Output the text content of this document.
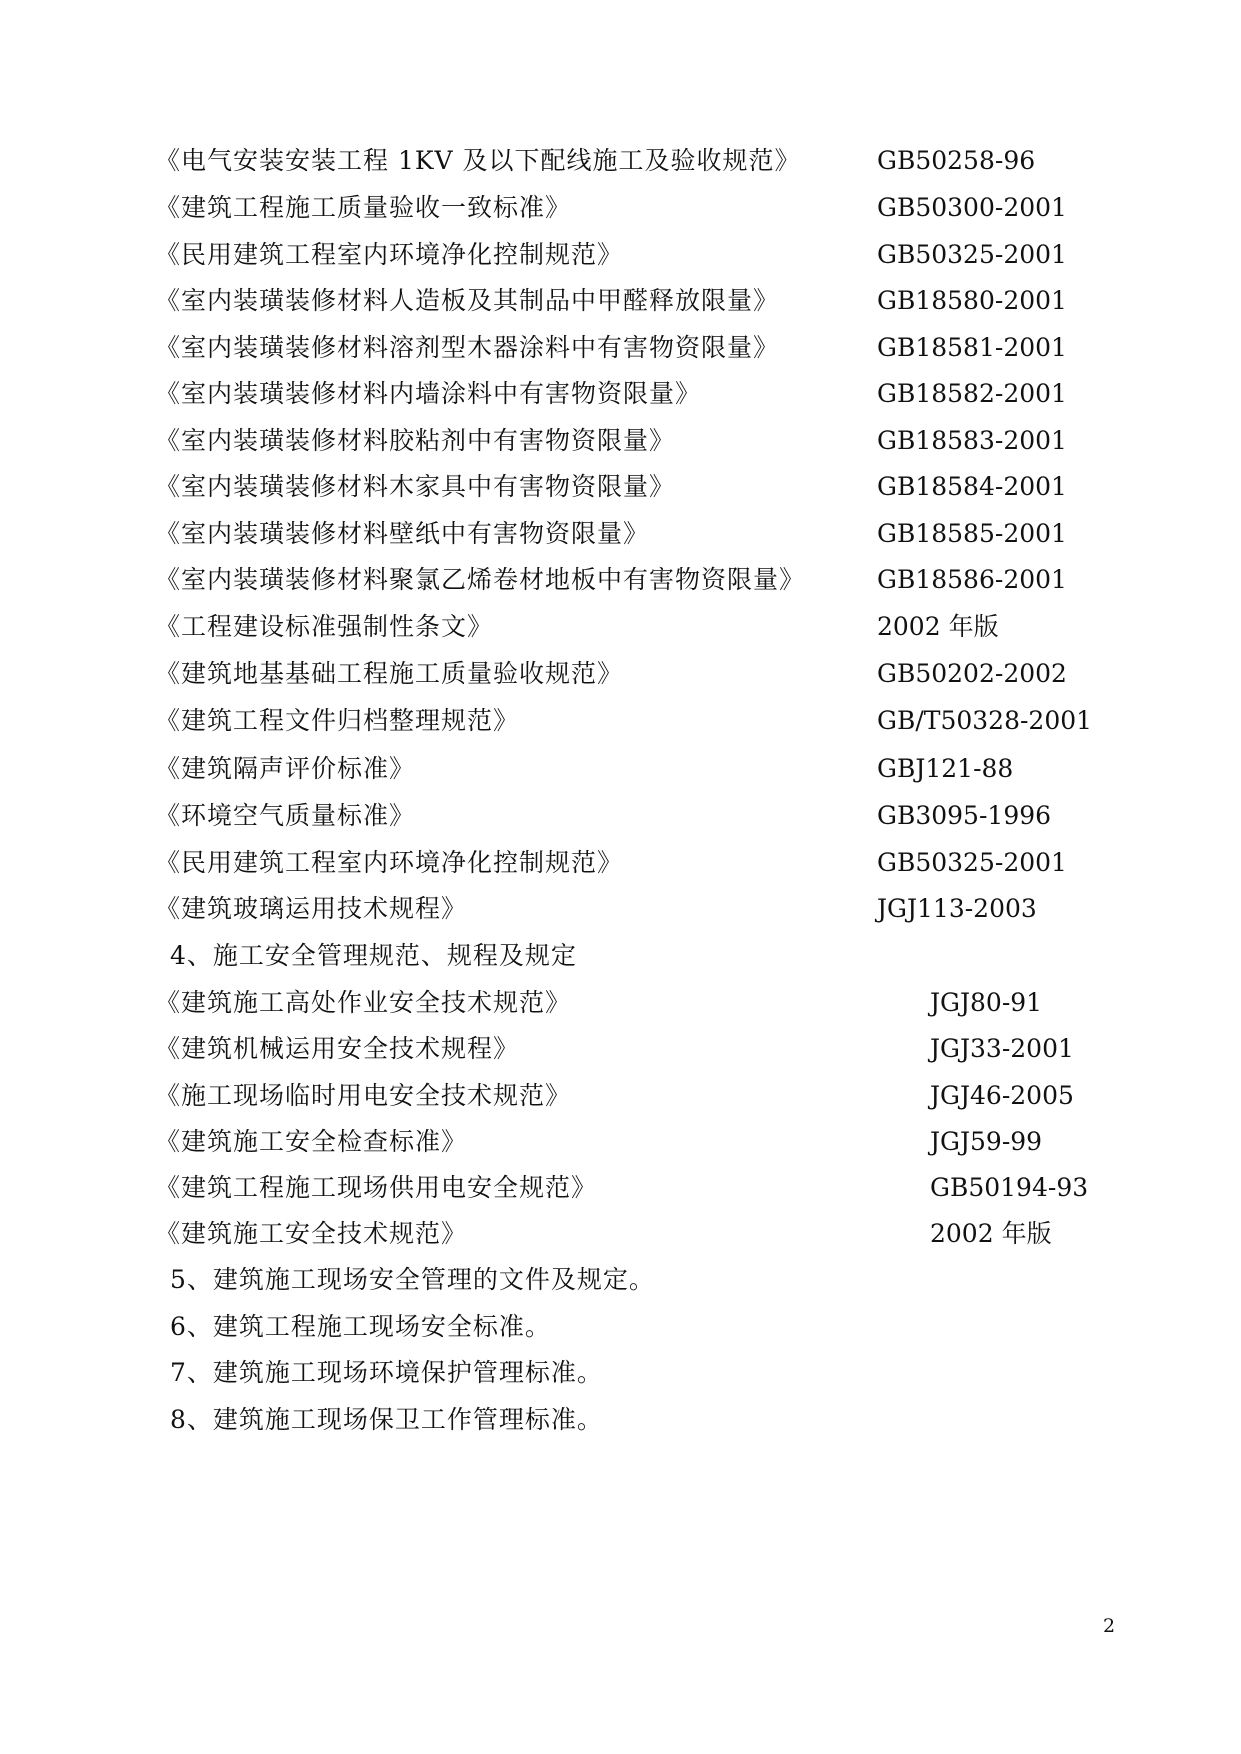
《电气安装安装工程 1KV 及以下配线施工及验收规范》	GB50258-96
《建筑工程施工质量验收一致标准》	GB50300-2001
《民用建筑工程室内环境净化控制规范》	GB50325-2001
《室内装璜装修材料人造板及其制品中甲醛释放限量》	GB18580-2001
《室内装璜装修材料溶剂型木器涂料中有害物资限量》	GB18581-2001
《室内装璜装修材料内墙涂料中有害物资限量》	GB18582-2001
《室内装璜装修材料胶粘剂中有害物资限量》	GB18583-2001
《室内装璜装修材料木家具中有害物资限量》	GB18584-2001
《室内装璜装修材料壁纸中有害物资限量》	GB18585-2001
《室内装璜装修材料聚氯乙烯卷材地板中有害物资限量》	GB18586-2001
《工程建设标准强制性条文》	2002 年版
《建筑地基基础工程施工质量验收规范》	GB50202-2002
《建筑工程文件归档整理规范》	GB/T50328-2001
《建筑隔声评价标准》	GBJ121-88
《环境空气质量标准》	GB3095-1996
《民用建筑工程室内环境净化控制规范》	GB50325-2001
《建筑玻璃运用技术规程》	JGJ113-2003
4、施工安全管理规范、规程及规定
《建筑施工高处作业安全技术规范》	JGJ80-91
《建筑机械运用安全技术规程》	JGJ33-2001
《施工现场临时用电安全技术规范》	JGJ46-2005
《建筑施工安全检查标准》	JGJ59-99
《建筑工程施工现场供用电安全规范》	GB50194-93
《建筑施工安全技术规范》	2002 年版
5、建筑施工现场安全管理的文件及规定。
6、建筑工程施工现场安全标准。
7、建筑施工现场环境保护管理标准。
8、建筑施工现场保卫工作管理标准。
2
